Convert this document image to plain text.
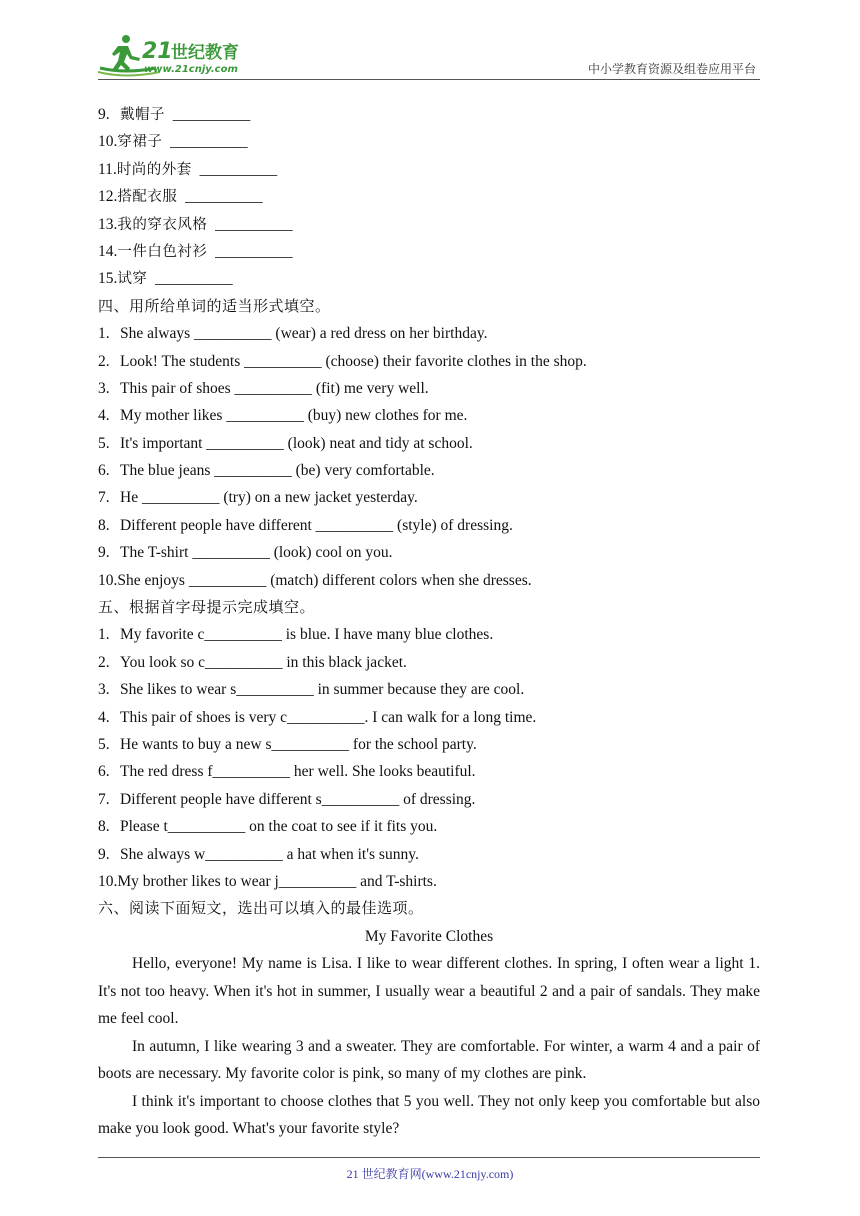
21
世纪教育
www.21cnjy.com	中小学教育资源及组卷应用平台
9. 戴帽子 __________
10.穿裙子 __________
11.时尚的外套 __________
12.搭配衣服 __________
13.我的穿衣风格 __________
14.一件白色衬衫 __________
15.试穿 __________
四、用所给单词的适当形式填空。
1. She always __________ (wear) a red dress on her birthday.
2. Look! The students __________ (choose) their favorite clothes in the shop.
3. This pair of shoes __________ (fit) me very well.
4. My mother likes __________ (buy) new clothes for me.
5. It's important __________ (look) neat and tidy at school.
6. The blue jeans __________ (be) very comfortable.
7. He __________ (try) on a new jacket yesterday.
8. Different people have different __________ (style) of dressing.
9. The T-shirt __________ (look) cool on you.
10.She enjoys __________ (match) different colors when she dresses.
五、根据首字母提示完成填空。
1. My favorite c__________ is blue. I have many blue clothes.
2. You look so c__________ in this black jacket.
3. She likes to wear s__________ in summer because they are cool.
4. This pair of shoes is very c__________. I can walk for a long time.
5. He wants to buy a new s__________ for the school party.
6. The red dress f__________ her well. She looks beautiful.
7. Different people have different s__________ of dressing.
8. Please t__________ on the coat to see if it fits you.
9. She always w__________ a hat when it's sunny.
10.My brother likes to wear j__________ and T-shirts.
六、阅读下面短文，选出可以填入的最佳选项。
My Favorite Clothes
Hello, everyone! My name is Lisa. I like to wear different clothes. In spring, I often wear a light 1. It's not too heavy. When it's hot in summer, I usually wear a beautiful 2 and a pair of sandals. They make me feel cool.
In autumn, I like wearing 3 and a sweater. They are comfortable. For winter, a warm 4 and a pair of boots are necessary. My favorite color is pink, so many of my clothes are pink.
I think it's important to choose clothes that 5 you well. They not only keep you comfortable but also make you look good. What's your favorite style?
21 世纪教育网(www.21cnjy.com)
